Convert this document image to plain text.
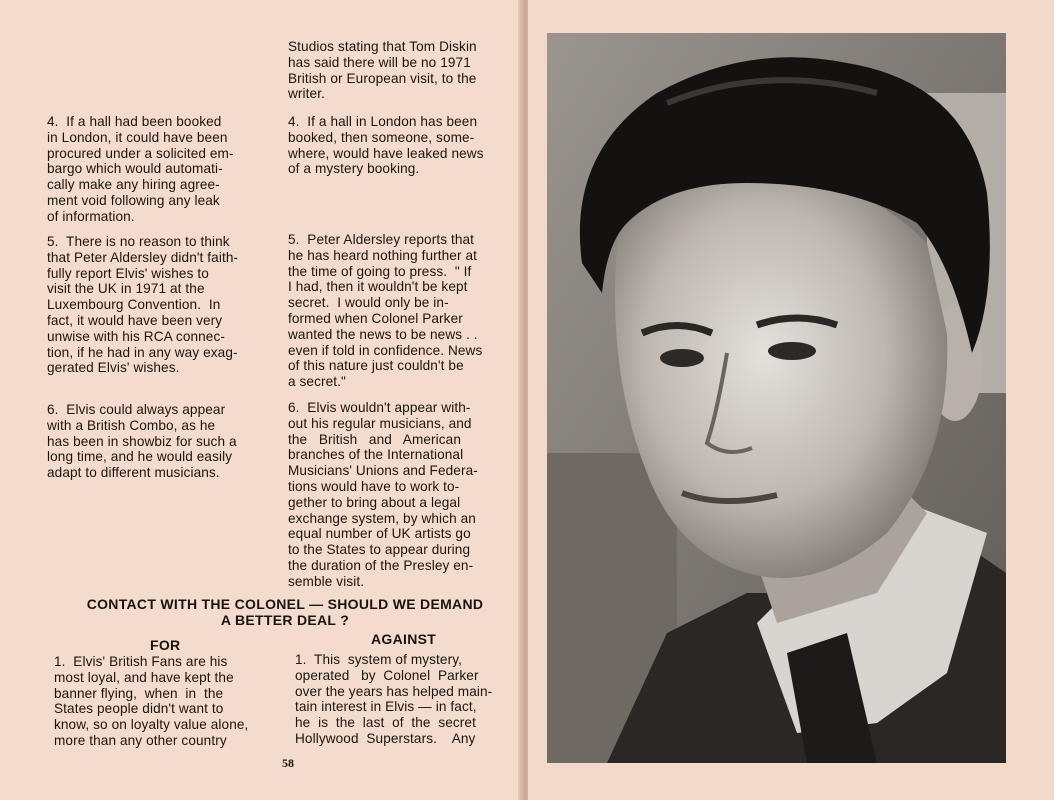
Studios stating that Tom Diskin
has said there will be no 1971
British or European visit, to the
writer.
4.  If a hall had been booked
in London, it could have been
procured under a solicited em-
bargo which would automati-
cally make any hiring agree-
ment void following any leak
of information.
4.  If a hall in London has been
booked, then someone, some-
where, would have leaked news
of a mystery booking.
5.  There is no reason to think
that Peter Aldersley didn't faith-
fully report Elvis' wishes to
visit the UK in 1971 at the
Luxembourg Convention.  In
fact, it would have been very
unwise with his RCA connec-
tion, if he had in any way exag-
gerated Elvis' wishes.
5.  Peter Aldersley reports that
he has heard nothing further at
the time of going to press.  " If
I had, then it wouldn't be kept
secret.  I would only be in-
formed when Colonel Parker
wanted the news to be news . .
even if told in confidence. News
of this nature just couldn't be
a secret."
6.  Elvis could always appear
with a British Combo, as he
has been in showbiz for such a
long time, and he would easily
adapt to different musicians.
6.  Elvis wouldn't appear with-
out his regular musicians, and
the   British   and   American
branches of the International
Musicians' Unions and Federa-
tions would have to work to-
gether to bring about a legal
exchange system, by which an
equal number of UK artists go
to the States to appear during
the duration of the Presley en-
semble visit.
CONTACT WITH THE COLONEL — SHOULD WE DEMAND
A BETTER DEAL ?
FOR	AGAINST
1.  Elvis' British Fans are his
most loyal, and have kept the
banner flying,  when  in  the
States people didn't want to
know, so on loyalty value alone,
more than any other country
1.  This  system of mystery,
operated   by  Colonel  Parker
over the years has helped main-
tain interest in Elvis — in fact,
he  is  the  last  of  the  secret
Hollywood  Superstars.    Any
58
